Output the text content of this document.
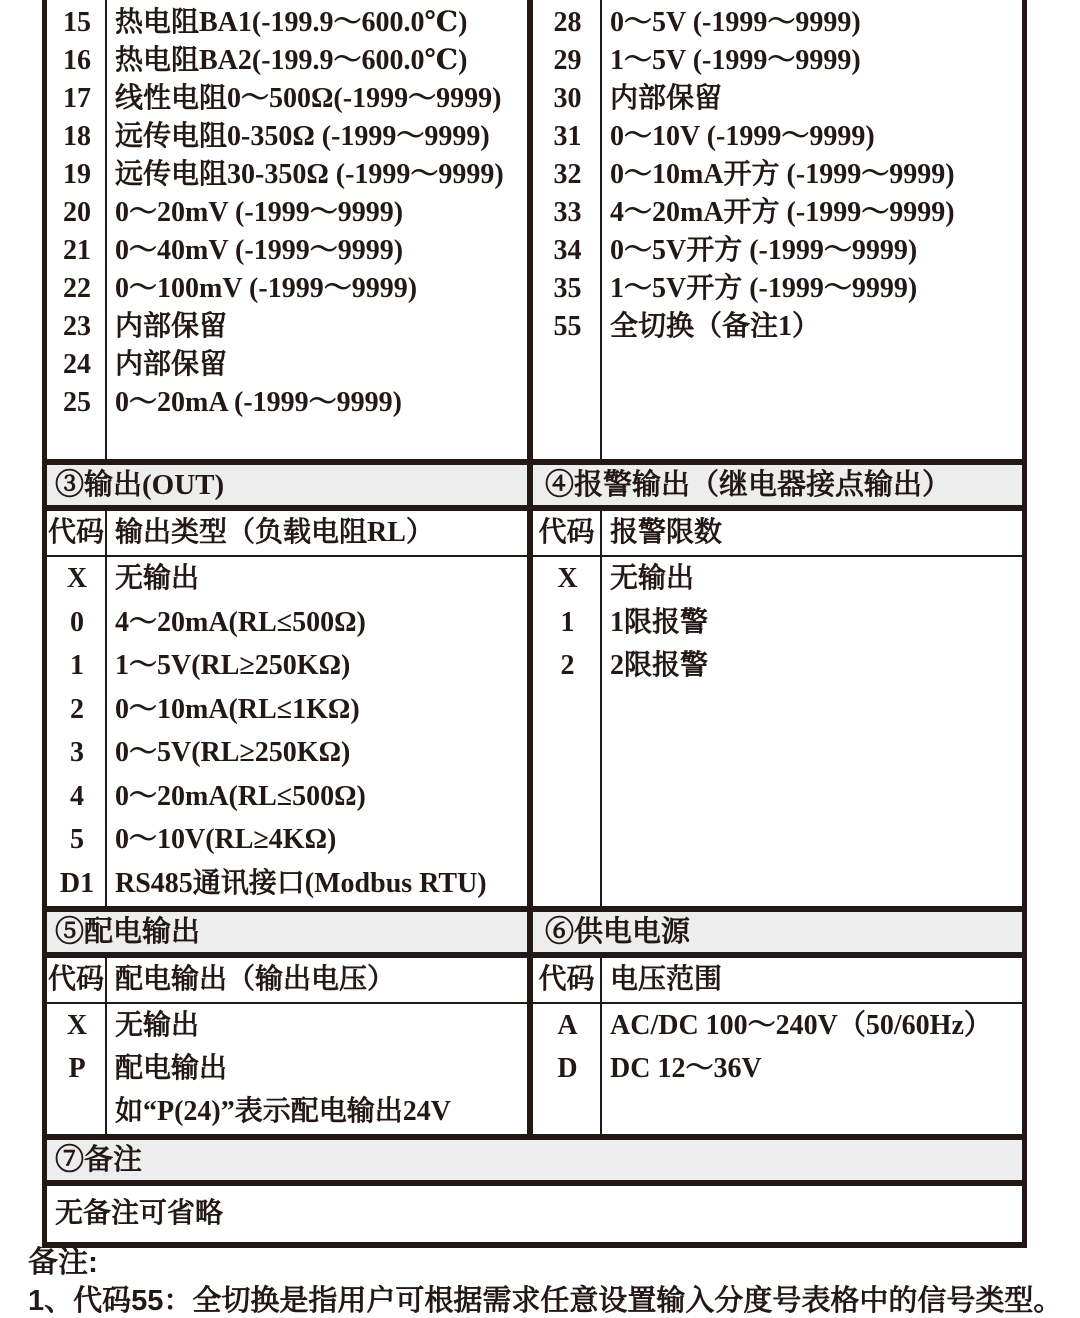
15 热电阻BA1(-199.9～600.0℃)
16 热电阻BA2(-199.9～600.0℃)
17 线性电阻0～500Ω(-1999～9999)
18 远传电阻0-350Ω (-1999～9999)
19 远传电阻30-350Ω (-1999～9999)
20 0～20mV (-1999～9999)
21 0～40mV (-1999～9999)
22 0～100mV (-1999～9999)
23 内部保留
24 内部保留
25 0～20mA (-1999～9999)
28	0～5V (-1999～9999)
29	1～5V (-1999～9999)
30	内部保留
31	0～10V (-1999～9999)
32	0～10mA开方 (-1999～9999)
33	4～20mA开方 (-1999～9999)
34	0～5V开方 (-1999～9999)
35	1～5V开方 (-1999～9999)
55	全切换（备注1）
③输出(OUT)	④报警输出（继电器接点输出）
代码 输出类型（负载电阻RL）	代码 报警限数
X 无输出
0	4～20mA(RL≤500Ω)
1	1～5V(RL≥250KΩ)
2	0～10mA(RL≤1KΩ)
3	0～5V(RL≥250KΩ)
4	0～20mA(RL≤500Ω)
5	0～10V(RL≥4KΩ)
D1 RS485通讯接口(Modbus RTU)
X	无输出
1	1限报警
2	2限报警
⑤配电输出	⑥供电电源
代码 配电输出（输出电压）	代码 电压范围
X 无输出
P	配电输出
如“P(24)”表示配电输出24V
A	AC/DC 100～240V（50/60Hz）
D	DC 12～36V
⑦备注
无备注可省略
备注:
1、代码55：全切换是指用户可根据需求任意设置输入分度号表格中的信号类型。
